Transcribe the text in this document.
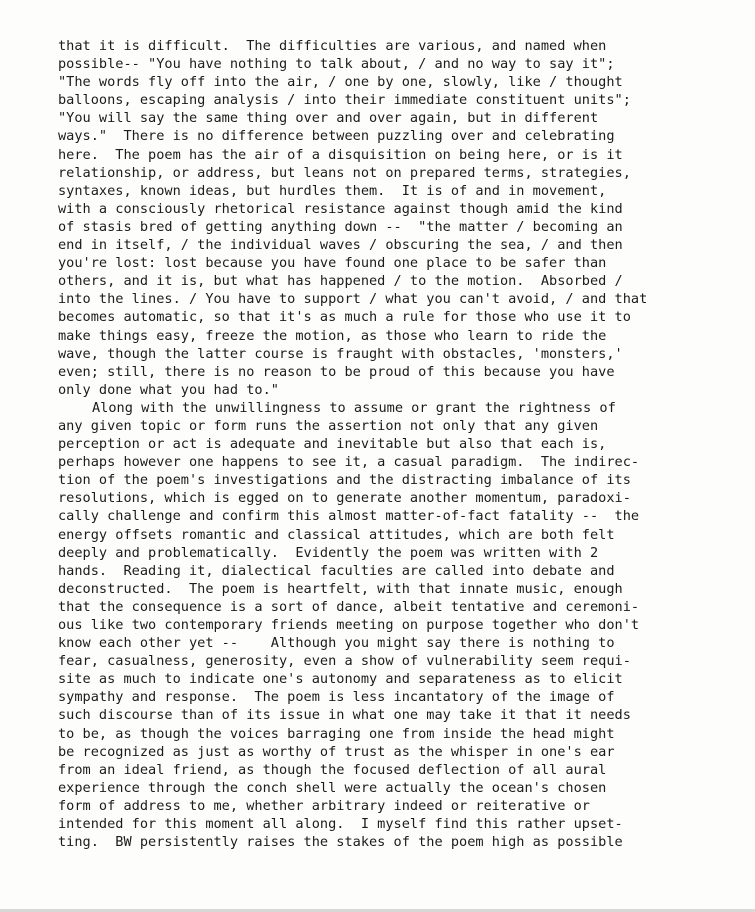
that it is difficult.  The difficulties are various, and named when
possible-- "You have nothing to talk about, / and no way to say it";
"The words fly off into the air, / one by one, slowly, like / thought
balloons, escaping analysis / into their immediate constituent units";
"You will say the same thing over and over again, but in different
ways."  There is no difference between puzzling over and celebrating
here.  The poem has the air of a disquisition on being here, or is it
relationship, or address, but leans not on prepared terms, strategies,
syntaxes, known ideas, but hurdles them.  It is of and in movement,
with a consciously rhetorical resistance against though amid the kind
of stasis bred of getting anything down --  "the matter / becoming an
end in itself, / the individual waves / obscuring the sea, / and then
you're lost: lost because you have found one place to be safer than
others, and it is, but what has happened / to the motion.  Absorbed /
into the lines. / You have to support / what you can't avoid, / and that
becomes automatic, so that it's as much a rule for those who use it to
make things easy, freeze the motion, as those who learn to ride the
wave, though the latter course is fraught with obstacles, 'monsters,'
even; still, there is no reason to be proud of this because you have
only done what you had to."
Along with the unwillingness to assume or grant the rightness of
any given topic or form runs the assertion not only that any given
perception or act is adequate and inevitable but also that each is,
perhaps however one happens to see it, a casual paradigm.  The indirec-
tion of the poem's investigations and the distracting imbalance of its
resolutions, which is egged on to generate another momentum, paradoxi-
cally challenge and confirm this almost matter-of-fact fatality --  the
energy offsets romantic and classical attitudes, which are both felt
deeply and problematically.  Evidently the poem was written with 2
hands.  Reading it, dialectical faculties are called into debate and
deconstructed.  The poem is heartfelt, with that innate music, enough
that the consequence is a sort of dance, albeit tentative and ceremoni-
ous like two contemporary friends meeting on purpose together who don't
know each other yet --    Although you might say there is nothing to
fear, casualness, generosity, even a show of vulnerability seem requi-
site as much to indicate one's autonomy and separateness as to elicit
sympathy and response.  The poem is less incantatory of the image of
such discourse than of its issue in what one may take it that it needs
to be, as though the voices barraging one from inside the head might
be recognized as just as worthy of trust as the whisper in one's ear
from an ideal friend, as though the focused deflection of all aural
experience through the conch shell were actually the ocean's chosen
form of address to me, whether arbitrary indeed or reiterative or
intended for this moment all along.  I myself find this rather upset-
ting.  BW persistently raises the stakes of the poem high as possible
